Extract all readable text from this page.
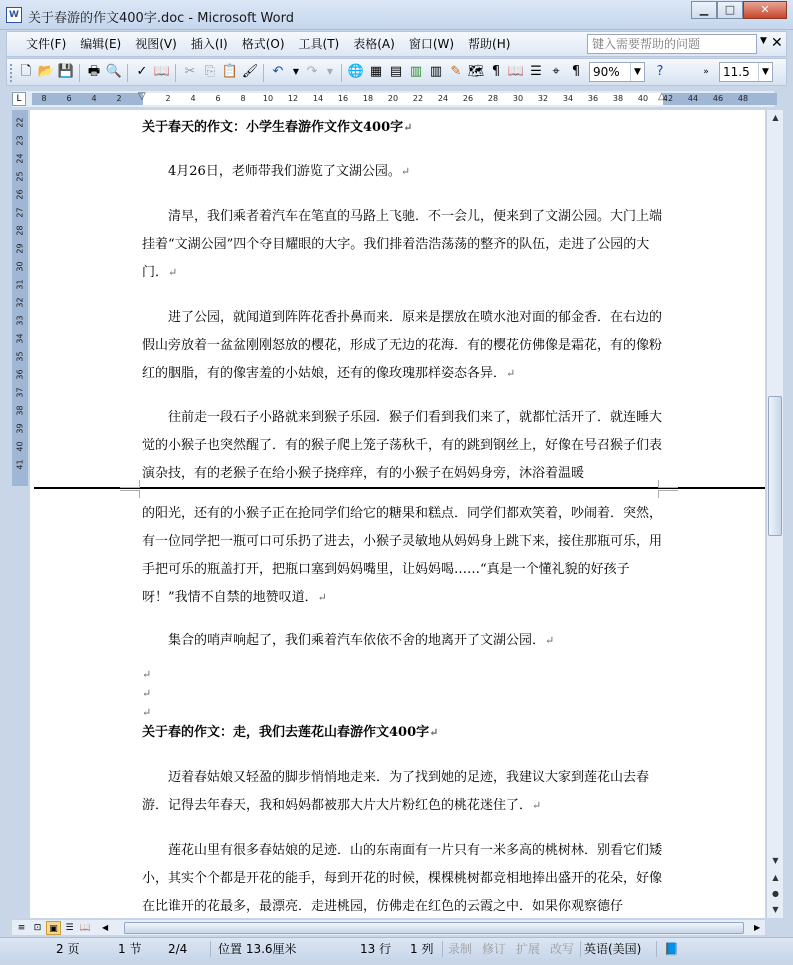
W 关于春游的作文400字.doc - Microsoft Word
▁	□	✕
文件(F)	编辑(E)	视图(V)	插入(I)	格式(O)	工具(T)	表格(A)	窗口(W)	帮助(H)	键入需要帮助的问题	▼ ✕
🗋 📂 💾 🖶 🔍 ✓ 📖 ✂ ⎘ 📋 🖌 ↶	▼ ↷	▼	🌐 ▦ ▤ ▥ ▥ ✎ 🗺 ¶ 📖 ☰ ⌖ ¶	90%	▼	?	»	11.5	▼
L	8 6 4 2	2 4 6 8 10 12 14 16 18 20 22 24 26 28 30 32 34 36 38 40 42 44 46 48
▽	△
22
23
24
25
26
27
28
29
30
31
32
33
34
35
36
37
38
39
40
41
关于春天的作文：小学生春游作文作文400字↵
　　4月26日，老师带我们游览了文湖公园。↵
　　清早，我们乘者着汽车在笔直的马路上飞驰．不一会儿，便来到了文湖公园。大门上端挂着“文湖公园”四个夺目耀眼的大字。我们排着浩浩荡荡的整齐的队伍，走进了公园的大门．↵
　　进了公园，就闻道到阵阵花香扑鼻而来．原来是摆放在喷水池对面的郁金香．在右边的假山旁放着一盆盆刚刚怒放的樱花，形成了无边的花海．有的樱花仿佛像是霜花，有的像粉红的胭脂，有的像害羞的小姑娘，还有的像玫瑰那样姿态各异．↵
　　往前走一段石子小路就来到猴子乐园．猴子们看到我们来了，就都忙活开了．就连睡大觉的小猴子也突然醒了．有的猴子爬上笼子荡秋千，有的跳到钢丝上，好像在号召猴子们表演杂技，有的老猴子在给小猴子挠痒痒，有的小猴子在妈妈身旁，沐浴着温暖
的阳光，还有的小猴子正在抢同学们给它的糖果和糕点．同学们都欢笑着，吵闹着．突然，有一位同学把一瓶可口可乐扔了进去，小猴子灵敏地从妈妈身上跳下来，接住那瓶可乐，用手把可乐的瓶盖打开，把瓶口塞到妈妈嘴里，让妈妈喝……“真是一个懂礼貌的好孩子呀！”我情不自禁的地赞叹道．↵
　　集合的哨声响起了，我们乘着汽车依依不舍的地离开了文湖公园．↵
↵
↵
↵
关于春的作文：走，我们去莲花山春游作文400字↵
　　迈着春姑娘又轻盈的脚步悄悄地走来．为了找到她的足迹，我建议大家到莲花山去春游．记得去年春天，我和妈妈都被那大片大片粉红色的桃花迷住了．↵
　　莲花山里有很多春姑娘的足迹．山的东南面有一片只有一米多高的桃树林．别看它们矮小，其实个个都是开花的能手，每到开花的时候，棵棵桃树都竞相地捧出盛开的花朵，好像在比谁开的花最多，最漂亮．走进桃园，仿佛走在红色的云霞之中．如果你观察德仔
▲
▼
▲
●
▼
≡ ⊡ ▣ ☰ 📖 ◀	▶
2 页	1 节 2/4	位置 13.6厘米	13 行 1 列 录制 修订 扩展 改写 英语(美国) 📘
